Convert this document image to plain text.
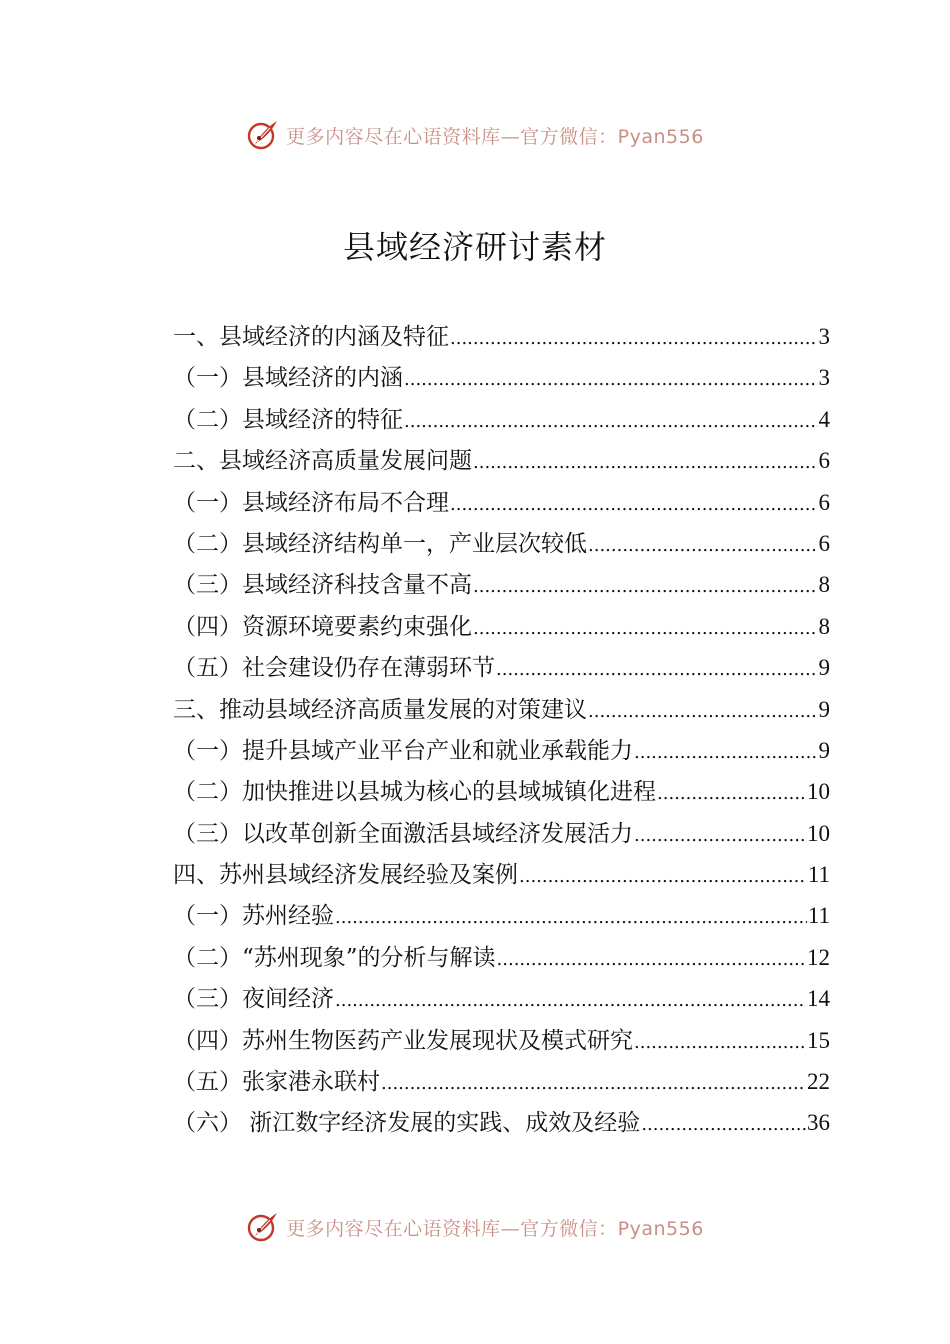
更多内容尽在心语资料库—官方微信：Pyan556
县域经济研讨素材
一、县域经济的内涵及特征 .....	3
（一）县域经济的内涵 .....	3
（二）县域经济的特征 .....	4
二、县域经济高质量发展问题 .....	6
（一）县域经济布局不合理 .....	6
（二）县域经济结构单一，产业层次较低 .....	6
（三）县域经济科技含量不高 .....	8
（四）资源环境要素约束强化 .....	8
（五）社会建设仍存在薄弱环节 .....	9
三、推动县域经济高质量发展的对策建议 .....	9
（一）提升县域产业平台产业和就业承载能力 .....	9
（二）加快推进以县城为核心的县域城镇化进程 .....	10
（三）以改革创新全面激活县域经济发展活力 .....	10
四、苏州县域经济发展经验及案例 .....	11
（一）苏州经验 .....	11
（二）“苏州现象”的分析与解读 .....	12
（三）夜间经济 .....	14
（四）苏州生物医药产业发展现状及模式研究 .....	15
（五）张家港永联村 .....	22
（六） 浙江数字经济发展的实践、成效及经验 .....	36
更多内容尽在心语资料库—官方微信：Pyan556
